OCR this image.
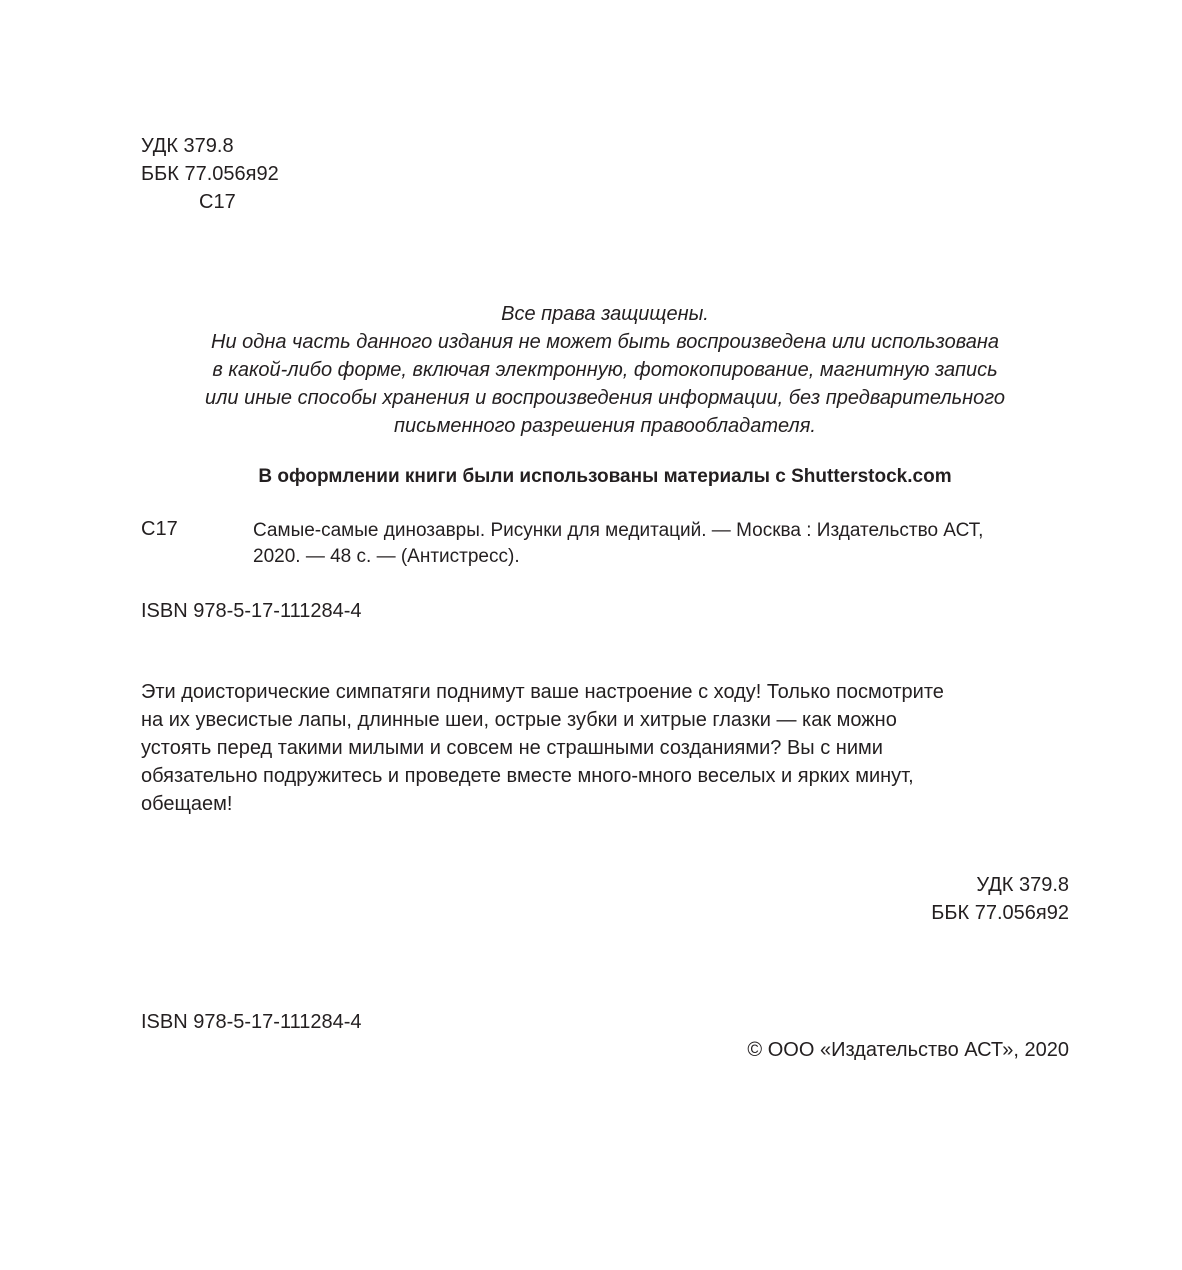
УДК 379.8
ББК 77.056я92
С17
Все права защищены.
Ни одна часть данного издания не может быть воспроизведена или использована
в какой-либо форме, включая электронную, фотокопирование, магнитную запись
или иные способы хранения и воспроизведения информации, без предварительного
письменного разрешения правообладателя.
В оформлении книги были использованы материалы с Shutterstock.com
С17	Самые-самые динозавры. Рисунки для медитаций. — Москва : Издательство АСТ,
2020. — 48 с. — (Антистресс).
ISBN 978-5-17-111284-4
Эти доисторические симпатяги поднимут ваше настроение с ходу! Только посмотрите
на их увесистые лапы, длинные шеи, острые зубки и хитрые глазки — как можно
устоять перед такими милыми и совсем не страшными созданиями? Вы с ними
обязательно подружитесь и проведете вместе много-много веселых и ярких минут,
обещаем!
УДК 379.8
ББК 77.056я92
ISBN 978-5-17-111284-4
© ООО «Издательство АСТ», 2020
